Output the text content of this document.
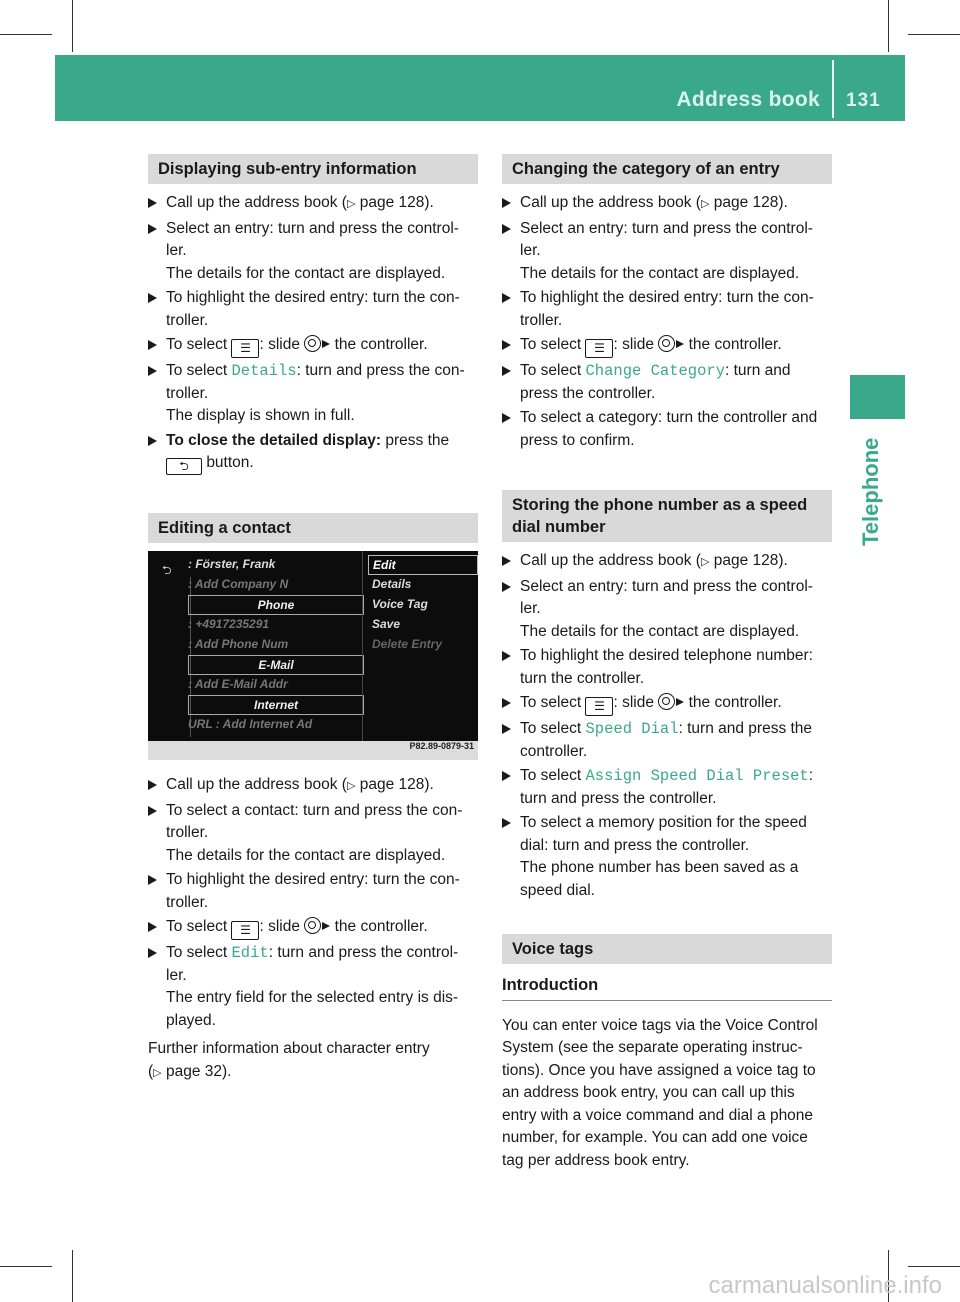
Address book 131
Telephone
Displaying sub-entry information
Call up the address book (▷ page 128).
Select an entry: turn and press the control-
ler.
The details for the contact are displayed.
To highlight the desired entry: turn the con-
troller.
To select ☰ : slide the controller.
To select Details: turn and press the con-
troller.
The display is shown in full.
To close the detailed display: press the
⮌ button.
Editing a contact
⮌ : Förster, Frank
: Add Company N
Phone
: +4917235291
: Add Phone Num
E-Mail
: Add E-Mail Addr
Internet
URL : Add Internet Ad
Edit
Details
Voice Tag
Save
Delete Entry
P82.89-0879-31
Call up the address book (▷ page 128).
To select a contact: turn and press the con-
troller.
The details for the contact are displayed.
To highlight the desired entry: turn the con-
troller.
To select ☰ : slide the controller.
To select Edit: turn and press the control-
ler.
The entry field for the selected entry is dis-
played.
Further information about character entry
(▷ page 32).
Changing the category of an entry
Call up the address book (▷ page 128).
Select an entry: turn and press the control-
ler.
The details for the contact are displayed.
To highlight the desired entry: turn the con-
troller.
To select ☰ : slide the controller.
To select Change Category: turn and
press the controller.
To select a category: turn the controller and
press to confirm.
Storing the phone number as a speed
dial number
Call up the address book (▷ page 128).
Select an entry: turn and press the control-
ler.
The details for the contact are displayed.
To highlight the desired telephone number:
turn the controller.
To select ☰ : slide the controller.
To select Speed Dial: turn and press the
controller.
To select Assign Speed Dial Preset:
turn and press the controller.
To select a memory position for the speed
dial: turn and press the controller.
The phone number has been saved as a
speed dial.
Voice tags
Introduction
You can enter voice tags via the Voice Control
System (see the separate operating instruc-
tions). Once you have assigned a voice tag to
an address book entry, you can call up this
entry with a voice command and dial a phone
number, for example. You can add one voice
tag per address book entry.
carmanualsonline.info
